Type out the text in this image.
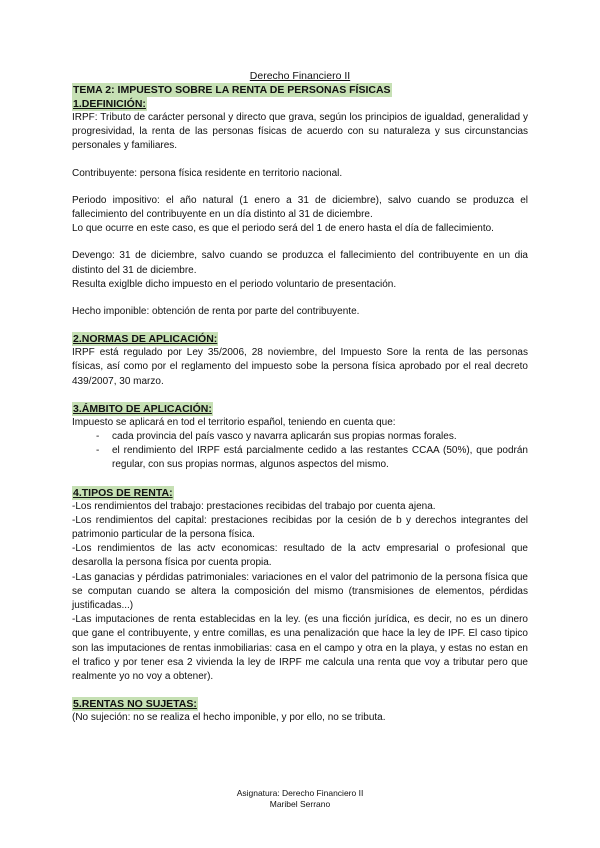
Derecho Financiero II
TEMA 2: IMPUESTO SOBRE LA RENTA DE PERSONAS FÍSICAS
1.DEFINICIÓN:

IRPF: Tributo de carácter personal y directo que grava, según los principios de igualdad, generalidad y progresividad, la renta de las personas físicas de acuerdo con su naturaleza y sus circunstancias personales y familiares.

Contribuyente: persona física residente en territorio nacional.

Periodo impositivo: el año natural (1 enero a 31 de diciembre), salvo cuando se produzca el fallecimiento del contribuyente en un día distinto al 31 de diciembre.

Lo que ocurre en este caso, es que el periodo será del 1 de enero hasta el día de fallecimiento.

Devengo: 31 de diciembre, salvo cuando se produzca el fallecimiento del contribuyente en un dia distinto del 31 de diciembre.

Resulta exiglble dicho impuesto en el periodo voluntario de presentación.

Hecho imponible: obtención de renta por parte del contribuyente.

2.NORMAS DE APLICACIÓN:

IRPF está regulado por Ley 35/2006, 28 noviembre, del Impuesto Sore la renta de las personas físicas, así como por el reglamento del impuesto sobe la persona física aprobado por el real decreto 439/2007, 30 marzo.

3.ÁMBITO DE APLICACIÓN:

Impuesto se aplicará en tod el territorio español, teniendo en cuenta que:

- cada provincia del país vasco y navarra aplicarán sus propias normas forales.
- el rendimiento del IRPF está parcialmente cedido a las restantes CCAA (50%), que podrán regular, con sus propias normas, algunos aspectos del mismo.
4.TIPOS DE RENTA:

-Los rendimientos del trabajo: prestaciones recibidas del trabajo por cuenta ajena.

-Los rendimientos del capital: prestaciones recibidas por la cesión de b y derechos integrantes del patrimonio particular de la persona física.

-Los rendimientos de las actv economicas: resultado de la actv empresarial o profesional que desarolla la persona física por cuenta propia.

-Las ganacias y pérdidas patrimoniales: variaciones en el valor del patrimonio de la persona física que se computan cuando se altera la composición del mismo (transmisiones de elementos, pérdidas justificadas...)

-Las imputaciones de renta establecidas en la ley. (es una ficción jurídica, es decir, no es un dinero que gane el contribuyente, y entre comillas, es una penalización que hace la ley de IPF. El caso tipico son las imputaciones de rentas inmobiliarias: casa en el campo y otra en la playa, y estas no estan en el trafico y por tener esa 2 vivienda la ley de IRPF me calcula una renta que voy a tributar pero que realmente yo no voy a obtener).

5.RENTAS NO SUJETAS:

(No sujeción: no se realiza el hecho imponible, y por ello, no se tributa.

Asignatura: Derecho Financiero II
Maribel Serrano
